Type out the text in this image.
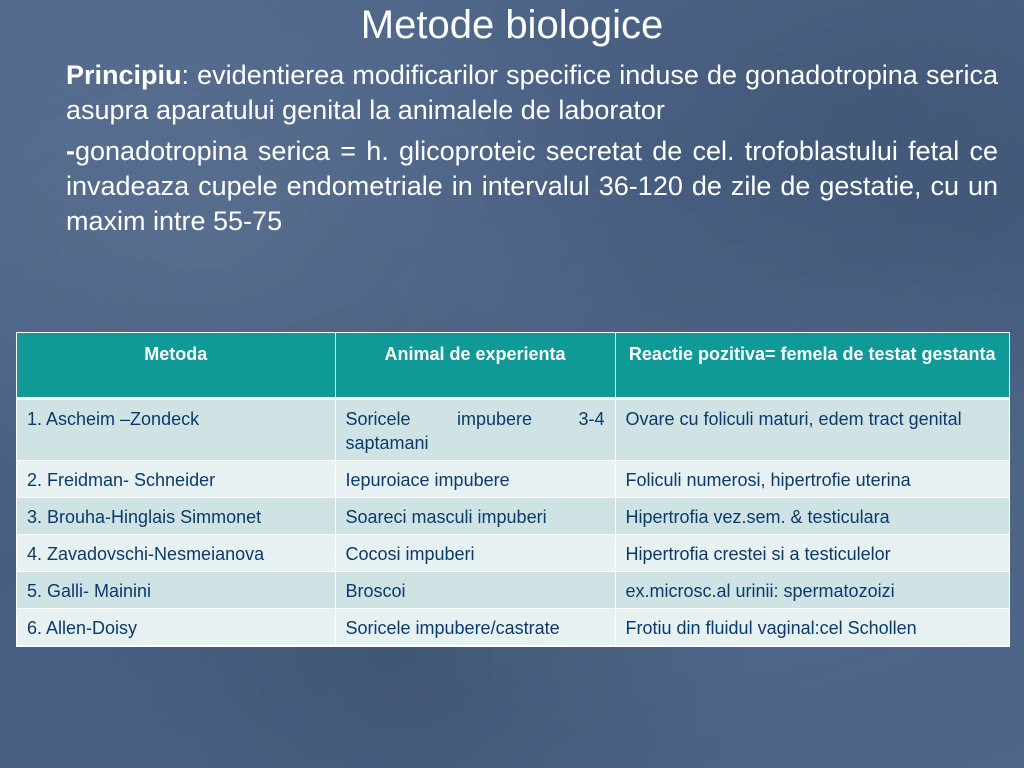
Metode biologice

Principiu: evidentierea modificarilor specifice induse de gonadotropina serica asupra aparatului genital la animalele de laborator

-gonadotropina serica = h. glicoproteic secretat de cel. trofoblastului fetal ce invadeaza cupele endometriale in intervalul 36-120 de zile de gestatie, cu un maxim intre 55-75

Metoda	Animal de experienta	Reactie pozitiva= femela de testat gestanta
1. Ascheim –Zondeck	Soricele impubere 3-4 saptamani	Ovare cu foliculi maturi, edem tract genital
2. Freidman- Schneider	Iepuroiace impubere	Foliculi numerosi, hipertrofie uterina
3. Brouha-Hinglais Simmonet	Soareci masculi impuberi	Hipertrofia vez.sem. & testiculara
4. Zavadovschi-Nesmeianova	Cocosi impuberi	Hipertrofia crestei si a testiculelor
5. Galli- Mainini	Broscoi	ex.microsc.al urinii: spermatozoizi
6. Allen-Doisy	Soricele impubere/castrate	Frotiu din fluidul vaginal:cel Schollen
